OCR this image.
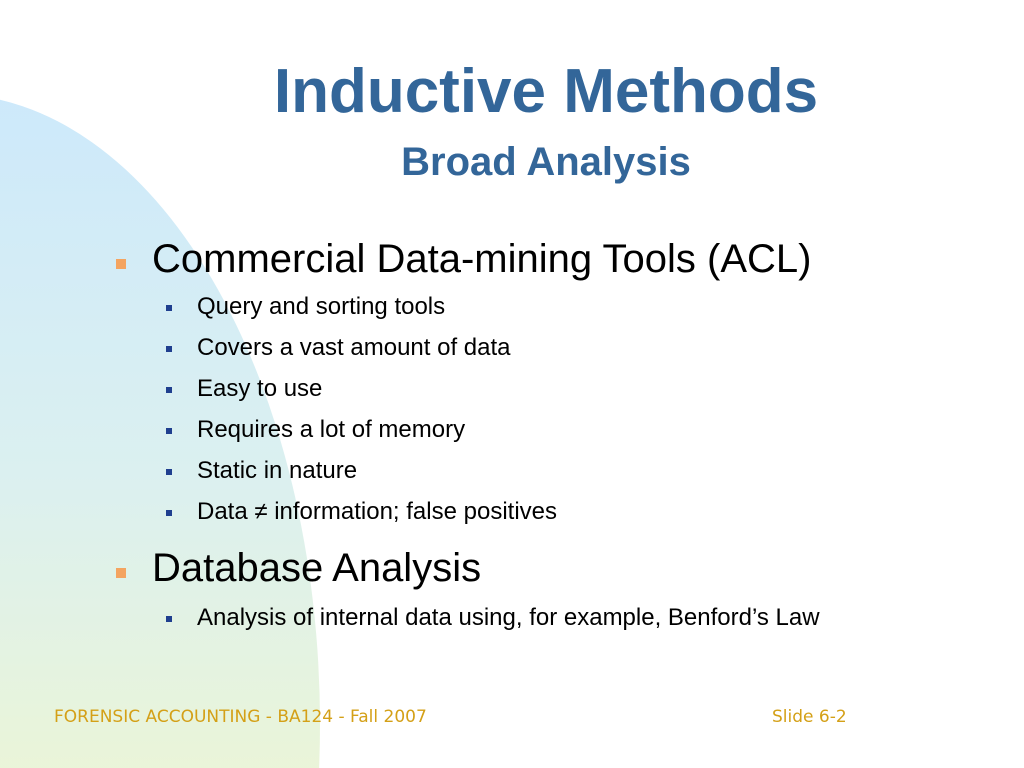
Inductive Methods
Broad Analysis
Commercial Data-mining Tools (ACL)
Query and sorting tools
Covers a vast amount of data
Easy to use
Requires a lot of memory
Static in nature
Data ≠ information; false positives
Database Analysis
Analysis of internal data using, for example, Benford’s Law
FORENSIC ACCOUNTING - BA124 - Fall 2007	Slide 6-2
